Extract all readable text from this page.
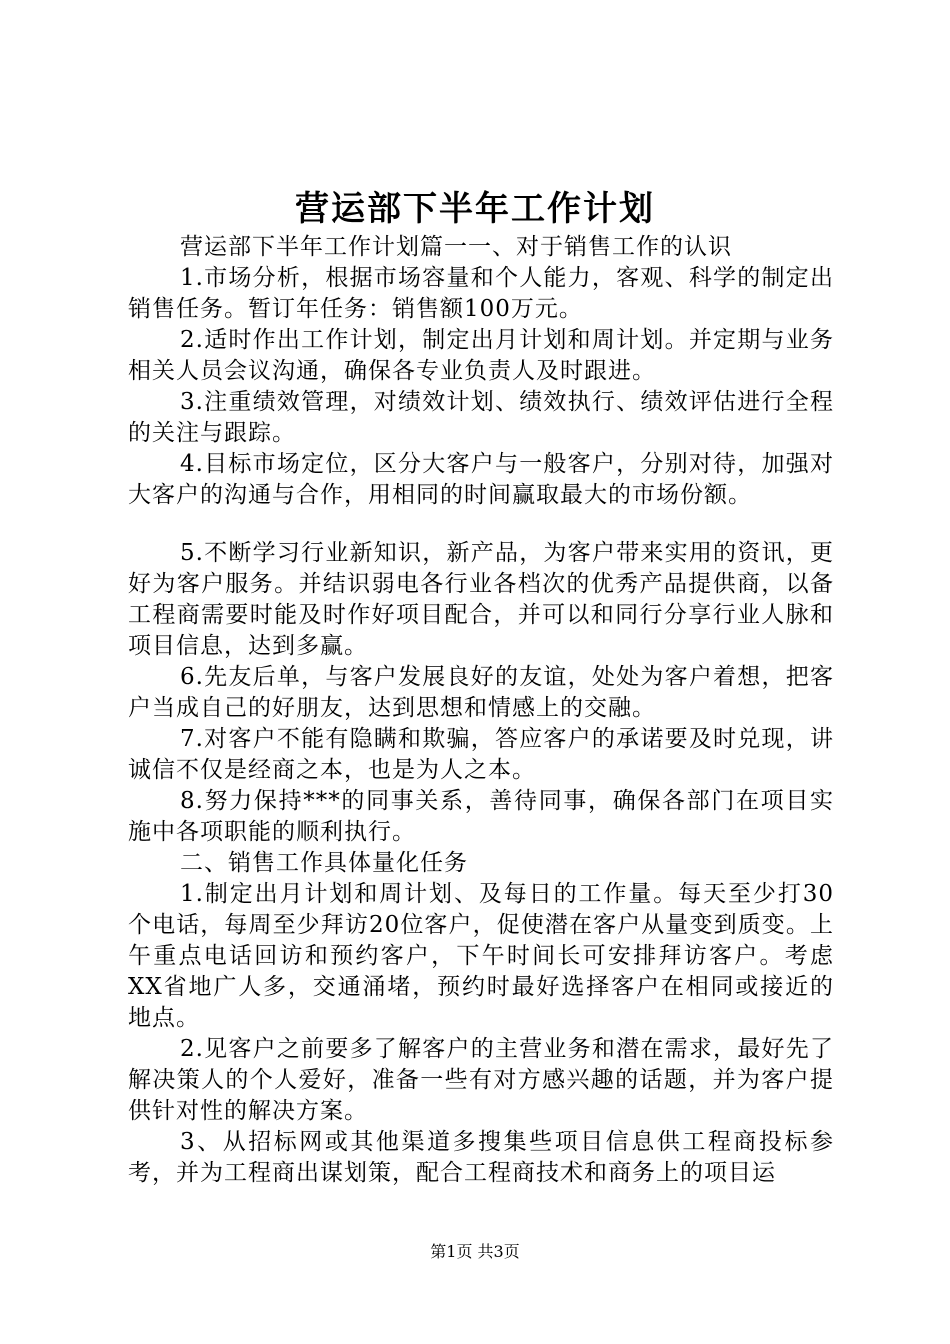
营运部下半年工作计划

营运部下半年工作计划篇一一、对于销售工作的认识

1.市场分析，根据市场容量和个人能力，客观、科学的制定出销售任务。暂订年任务：销售额100万元。

2.适时作出工作计划，制定出月计划和周计划。并定期与业务相关人员会议沟通，确保各专业负责人及时跟进。

3.注重绩效管理，对绩效计划、绩效执行、绩效评估进行全程的关注与跟踪。

4.目标市场定位，区分大客户与一般客户，分别对待，加强对大客户的沟通与合作，用相同的时间赢取最大的市场份额。

5.不断学习行业新知识，新产品，为客户带来实用的资讯，更好为客户服务。并结识弱电各行业各档次的优秀产品提供商，以备工程商需要时能及时作好项目配合，并可以和同行分享行业人脉和项目信息，达到多赢。

6.先友后单，与客户发展良好的友谊，处处为客户着想，把客户当成自己的好朋友，达到思想和情感上的交融。

7.对客户不能有隐瞒和欺骗，答应客户的承诺要及时兑现，讲诚信不仅是经商之本，也是为人之本。

8.努力保持***的同事关系，善待同事，确保各部门在项目实施中各项职能的顺利执行。

二、销售工作具体量化任务

1.制定出月计划和周计划、及每日的工作量。每天至少打30个电话，每周至少拜访20位客户，促使潜在客户从量变到质变。上午重点电话回访和预约客户，下午时间长可安排拜访客户。考虑XX省地广人多，交通涌堵，预约时最好选择客户在相同或接近的地点。

2.见客户之前要多了解客户的主营业务和潜在需求，最好先了解决策人的个人爱好，准备一些有对方感兴趣的话题，并为客户提供针对性的解决方案。

3、从招标网或其他渠道多搜集些项目信息供工程商投标参考，并为工程商出谋划策，配合工程商技术和商务上的项目运

第1页 共3页
